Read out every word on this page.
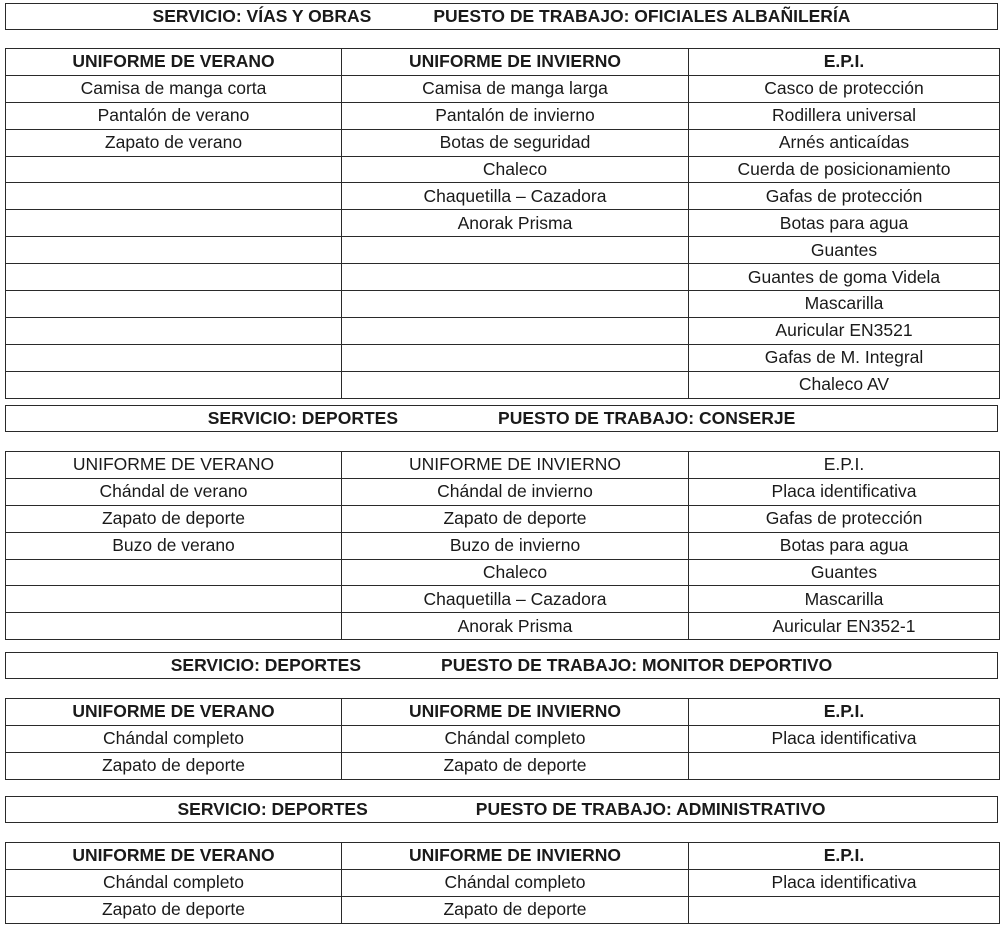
SERVICIO: VÍAS Y OBRAS	PUESTO DE TRABAJO: OFICIALES ALBAÑILERÍA
UNIFORME DE VERANO	UNIFORME DE INVIERNO	E.P.I.
Camisa de manga corta	Camisa de manga larga	Casco de protección
Pantalón de verano	Pantalón de invierno	Rodillera universal
Zapato de verano	Botas de seguridad	Arnés anticaídas
	Chaleco	Cuerda de posicionamiento
	Chaquetilla – Cazadora	Gafas de protección
	Anorak Prisma	Botas para agua
		Guantes
		Guantes de goma Videla
		Mascarilla
		Auricular EN3521
		Gafas de M. Integral
		Chaleco AV
SERVICIO: DEPORTES	PUESTO DE TRABAJO: CONSERJE
UNIFORME DE VERANO	UNIFORME DE INVIERNO	E.P.I.
Chándal de verano	Chándal de invierno	Placa identificativa
Zapato de deporte	Zapato de deporte	Gafas de protección
Buzo de verano	Buzo de invierno	Botas para agua
	Chaleco	Guantes
	Chaquetilla – Cazadora	Mascarilla
	Anorak Prisma	Auricular EN352-1
SERVICIO: DEPORTES	PUESTO DE TRABAJO: MONITOR DEPORTIVO
UNIFORME DE VERANO	UNIFORME DE INVIERNO	E.P.I.
Chándal completo	Chándal completo	Placa identificativa
Zapato de deporte	Zapato de deporte	
SERVICIO: DEPORTES	PUESTO DE TRABAJO: ADMINISTRATIVO
UNIFORME DE VERANO	UNIFORME DE INVIERNO	E.P.I.
Chándal completo	Chándal completo	Placa identificativa
Zapato de deporte	Zapato de deporte	
